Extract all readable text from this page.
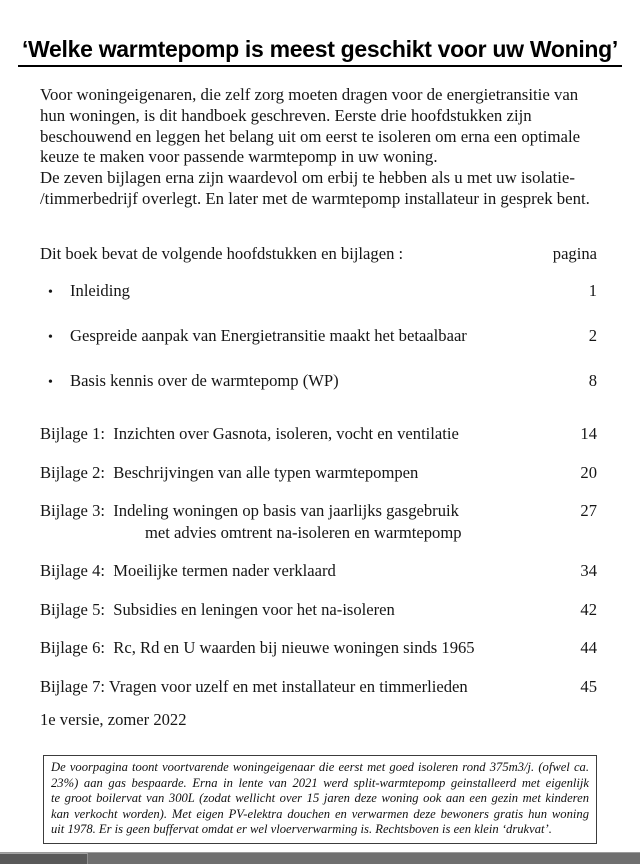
‘Welke warmtepomp is meest geschikt voor uw Woning’
Voor woningeigenaren, die zelf zorg moeten dragen voor de energietransitie van
hun woningen, is dit handboek geschreven. Eerste drie hoofdstukken zijn
beschouwend en leggen het belang uit om eerst te isoleren om erna een optimale
keuze te maken voor passende warmtepomp in uw woning.
De zeven bijlagen erna zijn waardevol om erbij te hebben als u met uw isolatie-
/timmerbedrijf overlegt. En later met de warmtepomp installateur in gesprek bent.
Dit boek bevat de volgende hoofdstukken en bijlagen :	pagina
•	Inleiding	1
•	Gespreide aanpak van Energietransitie maakt het betaalbaar	2
•	Basis kennis over de warmtepomp (WP)	8
Bijlage 1:  Inzichten over Gasnota, isoleren, vocht en ventilatie	14
Bijlage 2:  Beschrijvingen van alle typen warmtepompen	20
Bijlage 3:  Indeling woningen op basis van jaarlijks gasgebruik
met advies omtrent na-isoleren en warmtepomp
27
Bijlage 4:  Moeilijke termen nader verklaard	34
Bijlage 5:  Subsidies en leningen voor het na-isoleren	42
Bijlage 6:  Rc, Rd en U waarden bij nieuwe woningen sinds 1965	44
Bijlage 7: Vragen voor uzelf en met installateur en timmerlieden	45
1e versie, zomer 2022
De voorpagina toont voortvarende woningeigenaar die eerst met goed isoleren rond 375m3/j. (ofwel ca.
23%) aan gas bespaarde. Erna in lente van 2021 werd split-warmtepomp geinstalleerd met eigenlijk
te groot boilervat van 300L (zodat wellicht over 15 jaren deze woning ook aan een gezin met kinderen
kan verkocht worden). Met eigen PV-elektra douchen en verwarmen deze bewoners gratis hun woning
uit 1978. Er is geen buffervat omdat er wel vloerverwarming is. Rechtsboven is een klein ‘drukvat’.
